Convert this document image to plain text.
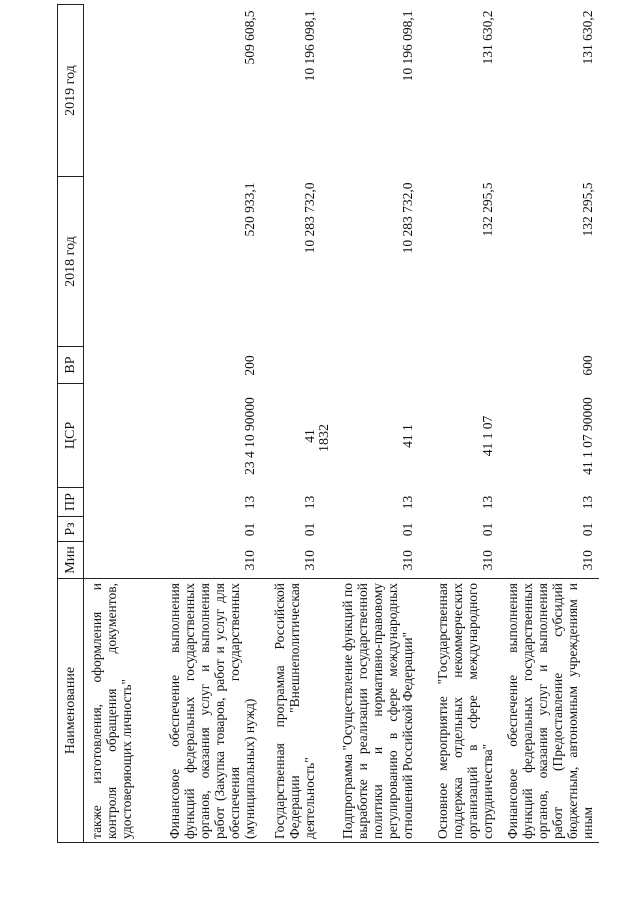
1832
Наименование	Мин	Рз	ПР	ЦСР	ВР	2018 год	2019 год
также изготовления, оформления и контроля обращения документов, удостоверяющих личность"							
Финансовое обеспечение выполнения функций федеральных государственных органов, оказания услуг и выполнения работ (Закупка товаров, работ и услуг для обеспечения государственных (муниципальных) нужд)	310	01	13	23 4 10 90000	200	520 933,1	509 608,5
Государственная программа Российской Федерации "Внешнеполитическая деятельность"	310	01	13	41		10 283 732,0	10 196 098,1
Подпрограмма "Осуществление функций по выработке и реализации государственной политики и нормативно-правовому регулированию в сфере международных отношений Российской Федерации"	310	01	13	41 1		10 283 732,0	10 196 098,1
Основное мероприятие "Государственная поддержка отдельных некоммерческих организаций в сфере международного сотрудничества"	310	01	13	41 1 07		132 295,5	131 630,2
Финансовое обеспечение выполнения функций федеральных государственных органов, оказания услуг и выполнения работ (Предоставление субсидий бюджетным, автономным учреждениям и иным	310	01	13	41 1 07 90000	600	132 295,5	131 630,2
